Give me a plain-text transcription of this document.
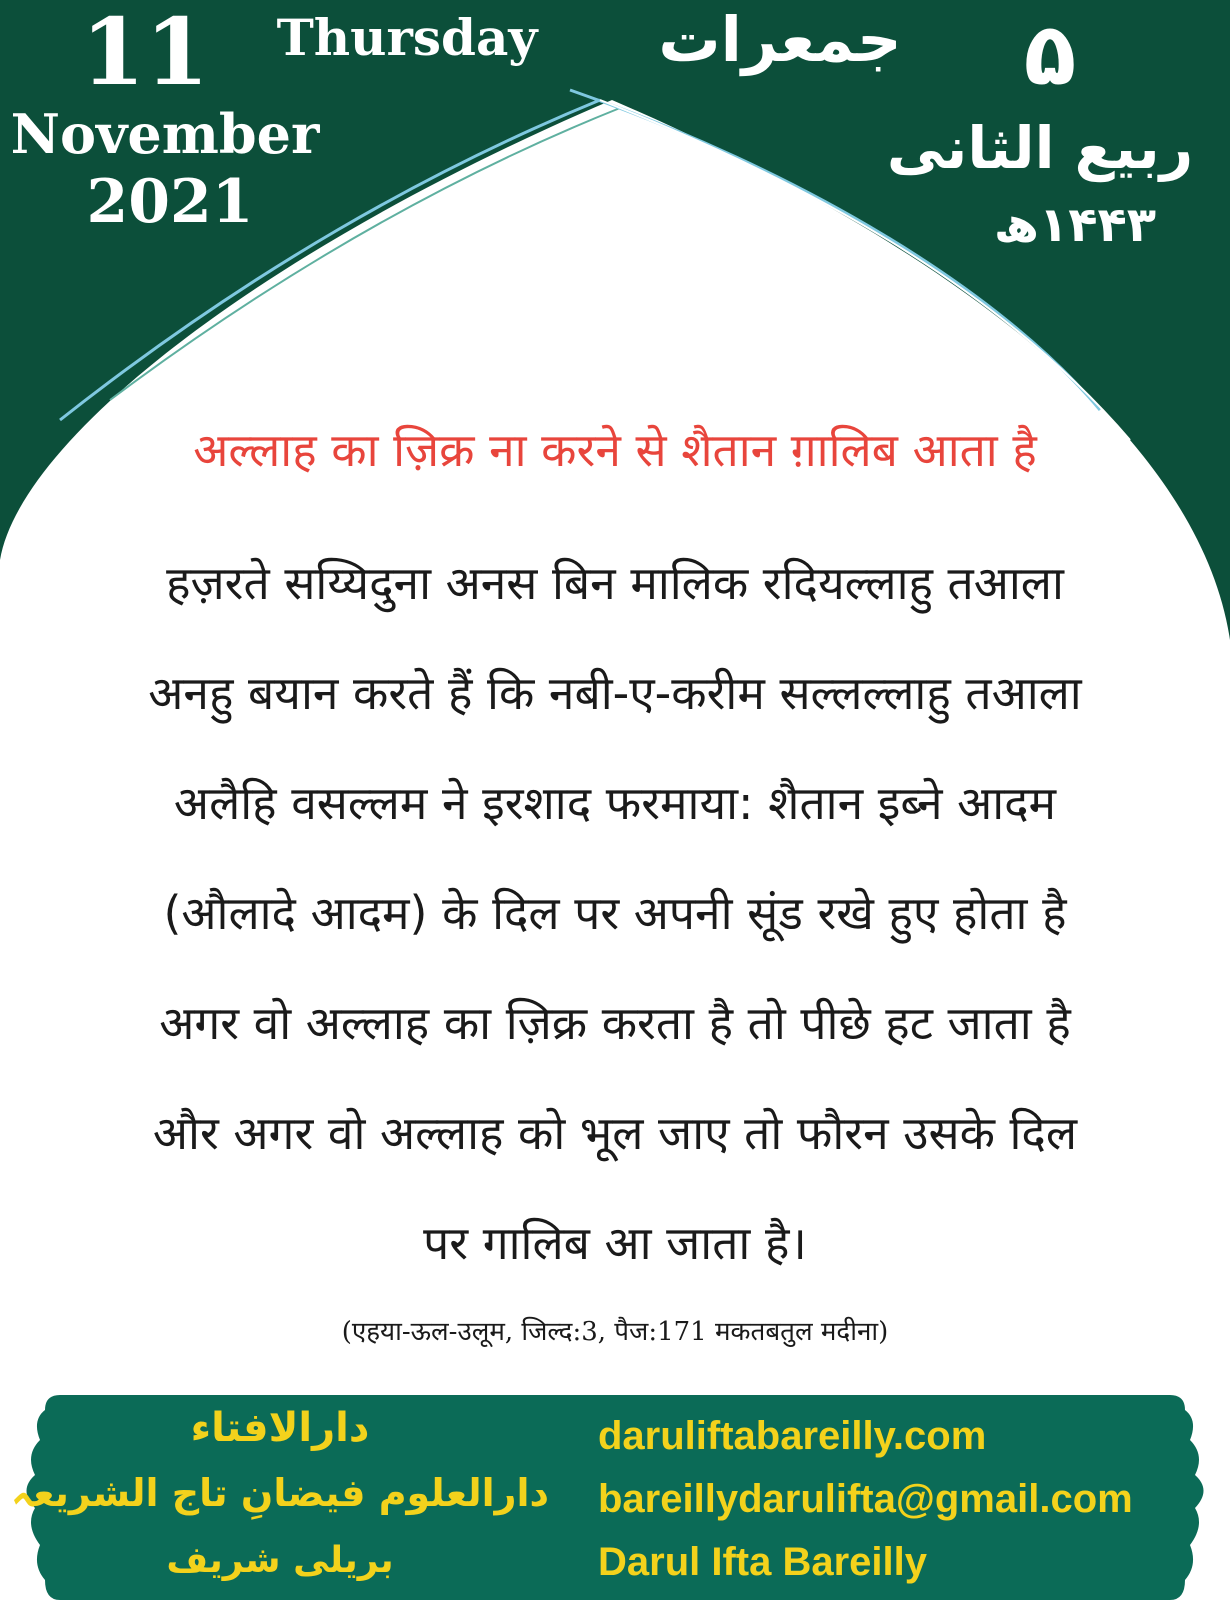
11
November
2021
Thursday جمعرات	۵
ربیع الثانی
۱۴۴۳ھ
अल्लाह का ज़िक्र ना करने से शैतान ग़ालिब आता है

हज़रते सय्यिदुना अनस बिन मालिक रदियल्लाहु तआला

अनहु बयान करते हैं कि नबी-ए-करीम सल्लल्लाहु तआला

अलैहि वसल्लम ने इरशाद फरमाया: शैतान इब्ने आदम

(औलादे आदम) के दिल पर अपनी सूंड रखे हुए होता है

अगर वो अल्लाह का ज़िक्र करता है तो पीछे हट जाता है

और अगर वो अल्लाह को भूल जाए तो फौरन उसके दिल

पर गालिब आ जाता है।

(एहया-ऊल-उलूम, जिल्द:3, पैज:171 मकतबतुल मदीना)

دارالافتاء
دارالعلوم فیضانِ تاج الشریعہ
بریلی شریف
daruliftabareilly.com
bareillydarulifta@gmail.com
Darul Ifta Bareilly
